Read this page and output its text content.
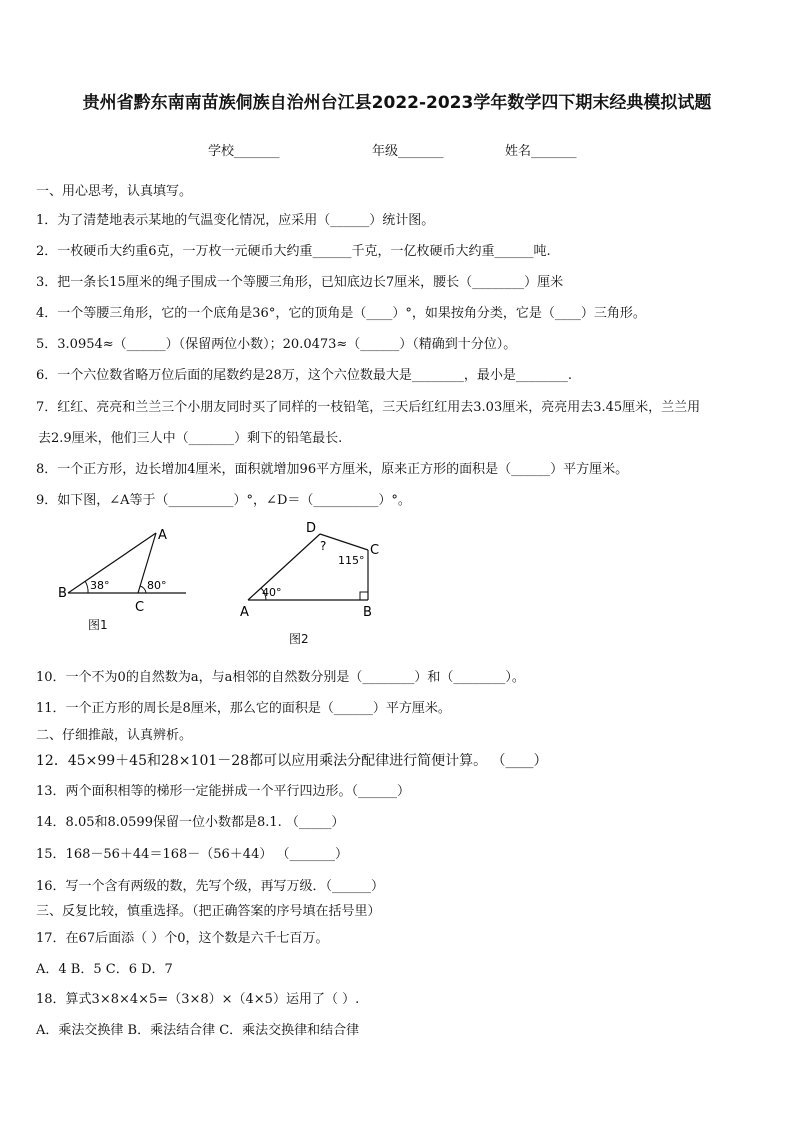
贵州省黔东南南苗族侗族自治州台江县2022-2023学年数学四下期末经典模拟试题
学校_______	年级_______	姓名_______
一、用心思考，认真填写。
1．为了清楚地表示某地的气温变化情况，应采用（______）统计图。
2．一枚硬币大约重6克，一万枚一元硬币大约重______千克，一亿枚硬币大约重______吨.
3．把一条长15厘米的绳子围成一个等腰三角形，已知底边长7厘米，腰长（________）厘米
4．一个等腰三角形，它的一个底角是36°，它的顶角是（____）°，如果按角分类，它是（____）三角形。
5．3.0954≈（______）（保留两位小数）；20.0473≈（______）（精确到十分位）。
6．一个六位数省略万位后面的尾数约是28万，这个六位数最大是________，最小是________.
7．红红、亮亮和兰兰三个小朋友同时买了同样的一枝铅笔，三天后红红用去3.03厘米，亮亮用去3.45厘米，兰兰用
去2.9厘米，他们三人中（_______）剩下的铅笔最长.
8．一个正方形，边长增加4厘米，面积就增加96平方厘米，原来正方形的面积是（______）平方厘米。
9．如下图，∠A等于（__________）°，∠D＝（__________）°。
A
B
C
38°	80°
图1
D
C
A	B
40°
115°
?
图2
10．一个不为0的自然数为a，与a相邻的自然数分别是（________）和（________）。
11．一个正方形的周长是8厘米，那么它的面积是（______）平方厘米。
二、仔细推敲，认真辨析。
12．45×99＋45和28×101－28都可以应用乘法分配律进行简便计算。 （____）
13．两个面积相等的梯形一定能拼成一个平行四边形。（______）
14．8.05和8.0599保留一位小数都是8.1. （_____）
15．168－56＋44＝168－（56＋44） （_______）
16．写一个含有两级的数，先写个级，再写万级．（______）
三、反复比较，慎重选择。（把正确答案的序号填在括号里）
17．在67后面添（ ）个0，这个数是六千七百万。
A．4 B．5 C．6 D．7
18．算式3×8×4×5=（3×8）×（4×5）运用了（ ）.
A．乘法交换律 B．乘法结合律 C．乘法交换律和结合律
